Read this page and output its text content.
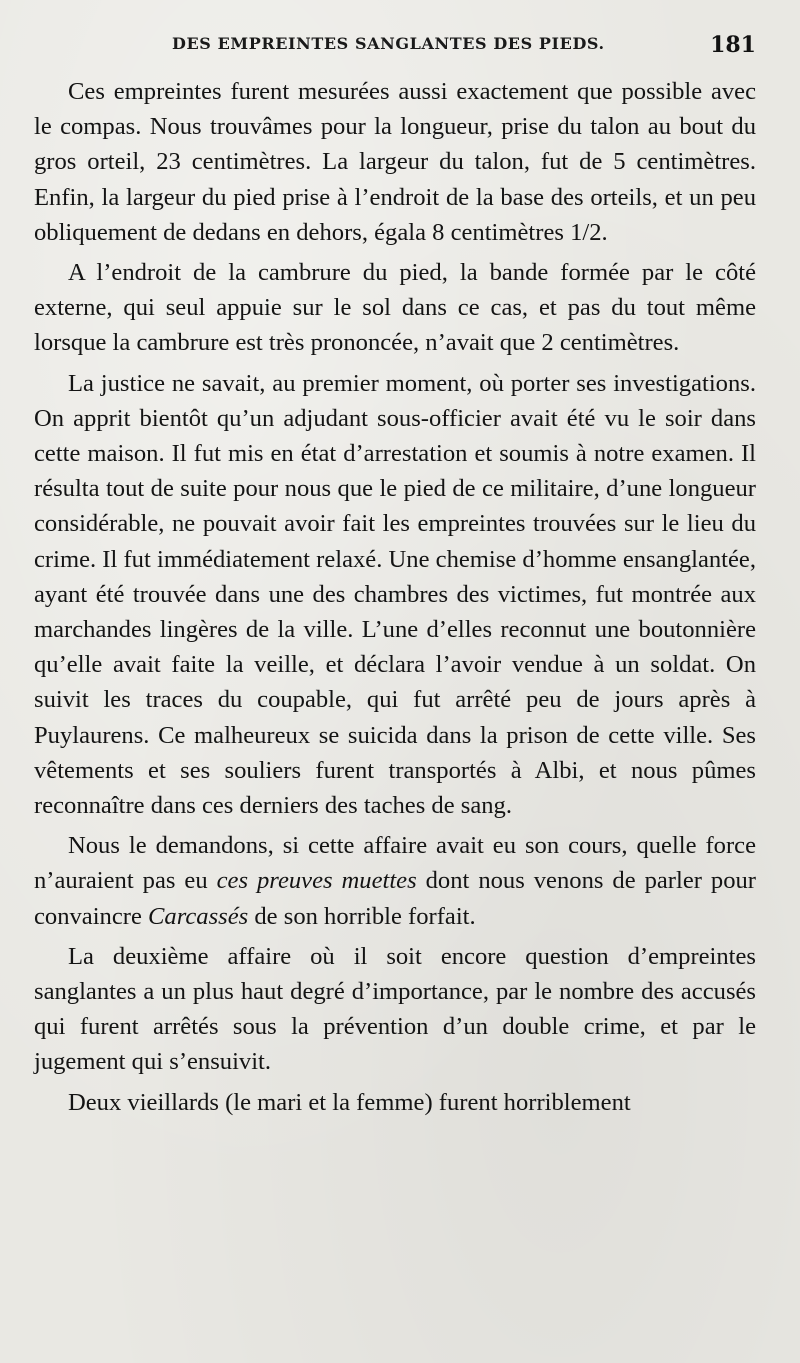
DES EMPREINTES SANGLANTES DES PIEDS.	181

Ces empreintes furent mesurées aussi exactement que possible avec le compas. Nous trouvâmes pour la longueur, prise du talon au bout du gros orteil, 23 centimètres. La largeur du talon, fut de 5 centimètres. Enfin, la largeur du pied prise à l’endroit de la base des orteils, et un peu obliquement de dedans en dehors, égala 8 centimètres 1/2.

A l’endroit de la cambrure du pied, la bande formée par le côté externe, qui seul appuie sur le sol dans ce cas, et pas du tout même lorsque la cambrure est très prononcée, n’avait que 2 centimètres.

La justice ne savait, au premier moment, où porter ses investigations. On apprit bientôt qu’un adjudant sous-officier avait été vu le soir dans cette maison. Il fut mis en état d’arrestation et soumis à notre examen. Il résulta tout de suite pour nous que le pied de ce militaire, d’une longueur considérable, ne pouvait avoir fait les empreintes trouvées sur le lieu du crime. Il fut immédiatement relaxé. Une chemise d’homme ensanglantée, ayant été trouvée dans une des chambres des victimes, fut montrée aux marchandes lingères de la ville. L’une d’elles reconnut une boutonnière qu’elle avait faite la veille, et déclara l’avoir vendue à un soldat. On suivit les traces du coupable, qui fut arrêté peu de jours après à Puylaurens. Ce malheureux se suicida dans la prison de cette ville. Ses vêtements et ses souliers furent transportés à Albi, et nous pûmes reconnaître dans ces derniers des taches de sang.

Nous le demandons, si cette affaire avait eu son cours, quelle force n’auraient pas eu ces preuves muettes dont nous venons de parler pour convaincre Carcassés de son horrible forfait.

La deuxième affaire où il soit encore question d’empreintes sanglantes a un plus haut degré d’importance, par le nombre des accusés qui furent arrêtés sous la prévention d’un double crime, et par le jugement qui s’ensuivit.

Deux vieillards (le mari et la femme) furent horriblement
